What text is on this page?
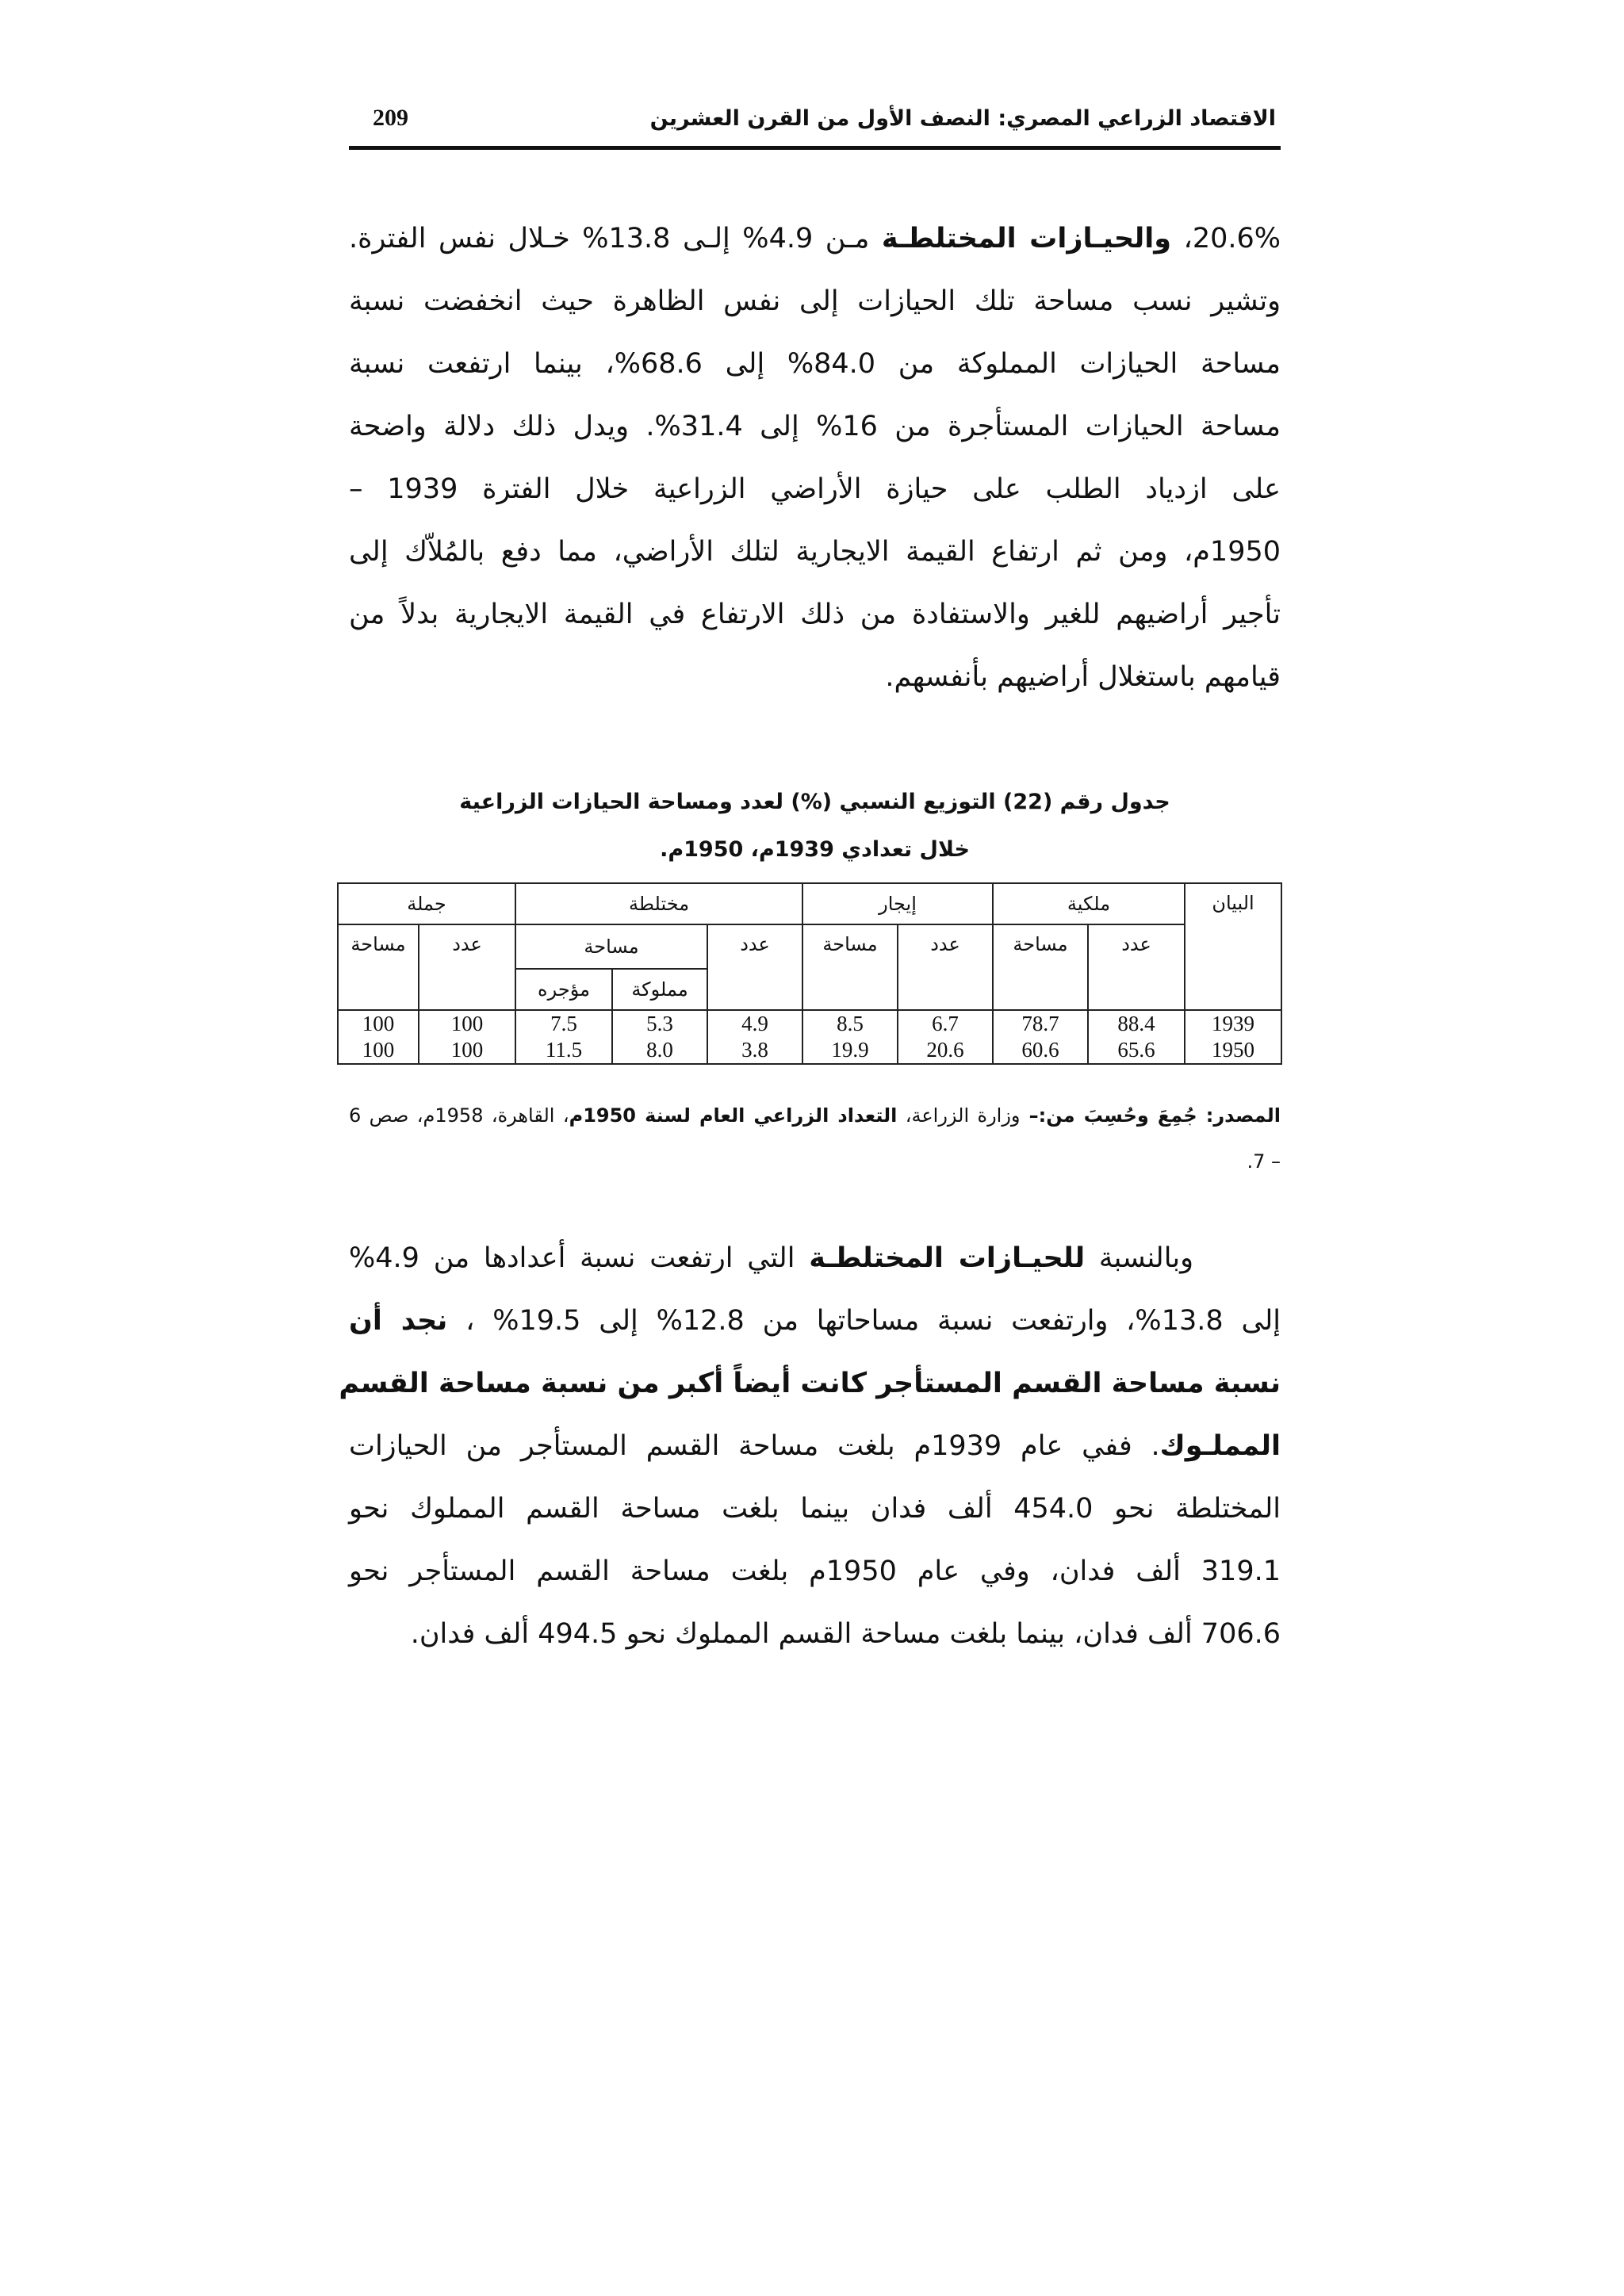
الاقتصاد الزراعي المصري: النصف الأول من القرن العشرين
209
20.6%، والحيـازات المختلطـة مـن 4.9% إلـى 13.8% خـلال نفس الفترة.
وتشير نسب مساحة تلك الحيازات إلى نفس الظاهرة حيث انخفضت نسبة
مساحة الحيازات المملوكة من 84.0% إلى 68.6%، بينما ارتفعت نسبة
مساحة الحيازات المستأجرة من 16% إلى 31.4%. ويدل ذلك دلالة واضحة
على ازدياد الطلب على حيازة الأراضي الزراعية خلال الفترة 1939 –
1950م، ومن ثم ارتفاع القيمة الايجارية لتلك الأراضي، مما دفع بالمُلاّك إلى
تأجير أراضيهم للغير والاستفادة من ذلك الارتفاع في القيمة الايجارية بدلاً من
قيامهم باستغلال أراضيهم بأنفسهم.
جدول رقم (22) التوزيع النسبي (%) لعدد ومساحة الحيازات الزراعية
خلال تعدادي 1939م، 1950م.
البيان	ملكية		إيجار		مختلطة			جملة	
	عدد	مساحة	عدد	مساحة	عدد	مساحة		عدد	مساحة
						مملوكة	مؤجره		
1939	88.4	78.7	6.7	8.5	4.9	5.3	7.5	100	100
1950	65.6	60.6	20.6	19.9	3.8	8.0	11.5	100	100
المصدر: جُمِعَ وحُسِبَ من:– وزارة الزراعة، التعداد الزراعي العام لسنة 1950م، القاهرة، 1958م، صص 6
– 7.
وبالنسبة للحيـازات المختلطـة التي ارتفعت نسبة أعدادها من 4.9%
إلى 13.8%، وارتفعت نسبة مساحاتها من 12.8% إلى 19.5% ، نجد أن
نسبة مساحة القسم المستأجر كانت أيضاً أكبر من نسبة مساحة القسم
المملـوك. ففي عام 1939م بلغت مساحة القسم المستأجر من الحيازات
المختلطة نحو 454.0 ألف فدان بينما بلغت مساحة القسم المملوك نحو
319.1 ألف فدان، وفي عام 1950م بلغت مساحة القسم المستأجر نحو
706.6 ألف فدان، بينما بلغت مساحة القسم المملوك نحو 494.5 ألف فدان.
